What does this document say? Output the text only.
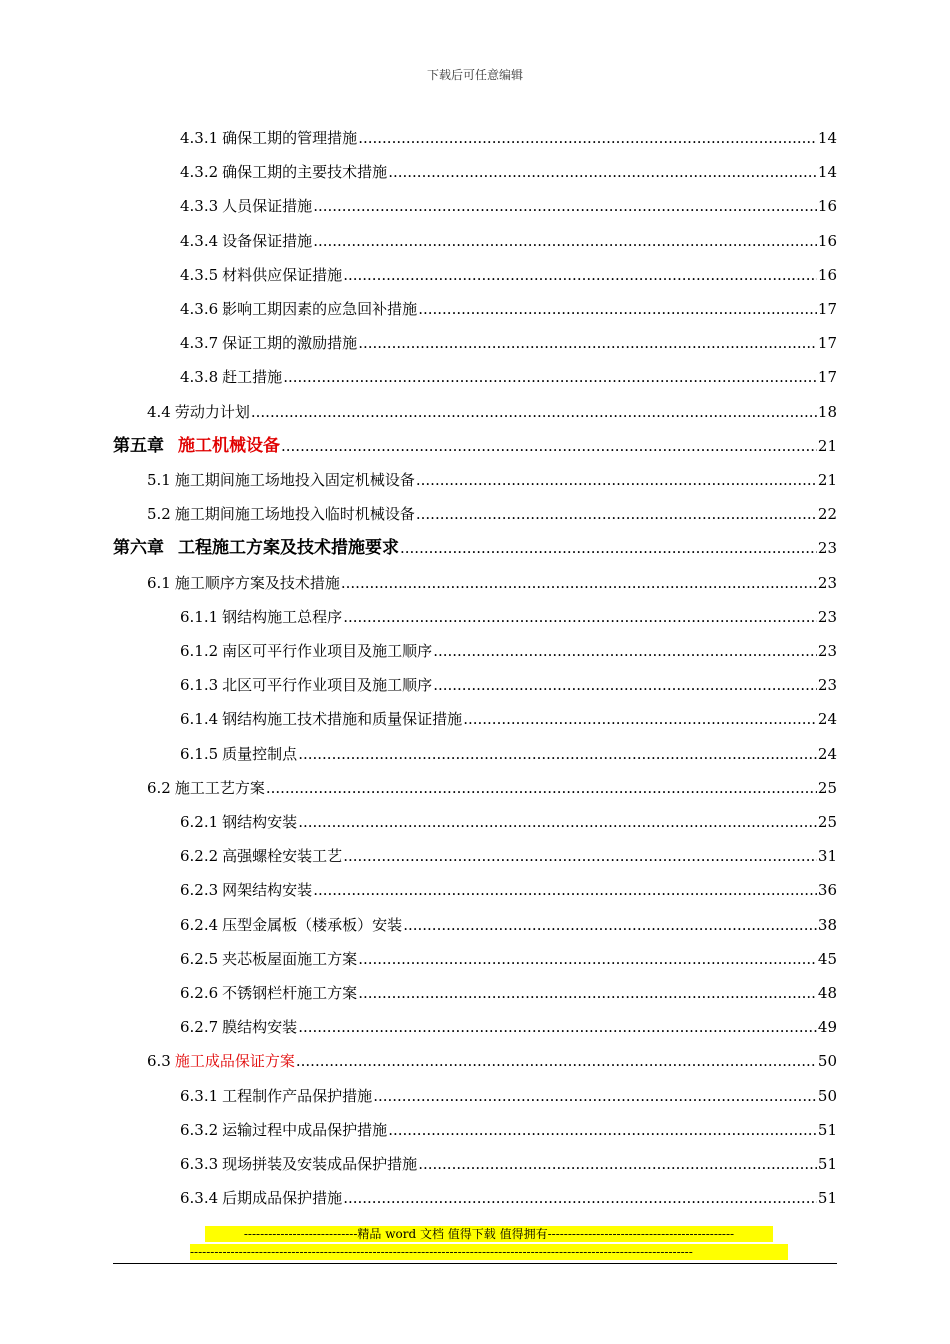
下载后可任意编辑
4.3.1 确保工期的管理措施 .....	14
4.3.2 确保工期的主要技术措施 .....	14
4.3.3 人员保证措施 .....	16
4.3.4 设备保证措施 .....	16
4.3.5 材料供应保证措施 .....	16
4.3.6 影响工期因素的应急回补措施 .....	17
4.3.7 保证工期的激励措施 .....	17
4.3.8 赶工措施 .....	17
4.4 劳动力计划 .....	18
第五章 施工机械设备 .....	21
5.1 施工期间施工场地投入固定机械设备 .....	21
5.2 施工期间施工场地投入临时机械设备 .....	22
第六章 工程施工方案及技术措施要求 .....	23
6.1 施工顺序方案及技术措施 .....	23
6.1.1 钢结构施工总程序 .....	23
6.1.2 南区可平行作业项目及施工顺序 .....	23
6.1.3 北区可平行作业项目及施工顺序 .....	23
6.1.4 钢结构施工技术措施和质量保证措施 .....	24
6.1.5 质量控制点 .....	24
6.2 施工工艺方案 .....	25
6.2.1 钢结构安装 .....	25
6.2.2 高强螺栓安装工艺 .....	31
6.2.3 网架结构安装 .....	36
6.2.4 压型金属板（楼承板）安装 .....	38
6.2.5 夹芯板屋面施工方案 .....	45
6.2.6 不锈钢栏杆施工方案 .....	48
6.2.7 膜结构安装 .....	49
6.3 施工成品保证方案 .....	50
6.3.1 工程制作产品保护措施 .....	50
6.3.2 运输过程中成品保护措施 .....	51
6.3.3 现场拼装及安装成品保护措施 .....	51
6.3.4 后期成品保护措施 .....	51
----------------------------精品 word 文档 值得下载 值得拥有----------------------------------------------
----------------------------------------------------------------------------------------------------------------------------
